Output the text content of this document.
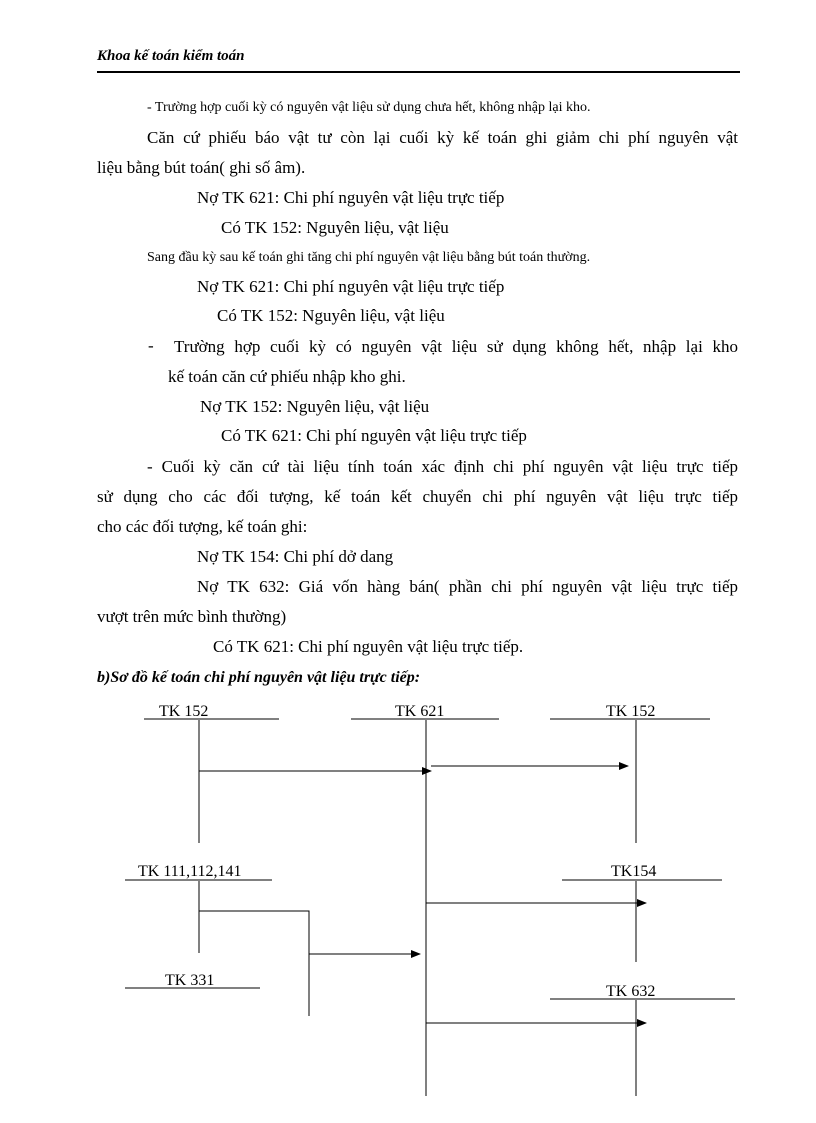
Khoa kế toán kiểm toán
- Trường hợp cuối kỳ có nguyên vật liệu sử dụng chưa hết, không nhập lại kho.
Căn cứ phiếu báo vật tư còn lại cuối kỳ kế toán ghi giảm chi phí nguyên vật
liệu bằng bút toán( ghi số âm).
Nợ TK 621: Chi phí nguyên vật liệu trực tiếp
Có TK 152: Nguyên liệu, vật liệu
Sang đầu kỳ sau kế toán ghi tăng chi phí nguyên vật liệu bằng bút toán thường.
Nợ TK 621: Chi phí nguyên vật liệu trực tiếp
Có TK 152: Nguyên liệu, vật liệu
- Trường hợp cuối kỳ có nguyên vật liệu sử dụng không hết, nhập lại kho
kế toán căn cứ phiếu nhập kho ghi.
Nợ TK 152: Nguyên liệu, vật liệu
Có TK 621: Chi phí nguyên vật liệu trực tiếp
- Cuối kỳ căn cứ tài liệu tính toán xác định chi phí nguyên vật liệu trực tiếp
sử dụng cho các đối tượng, kế toán kết chuyển chi phí nguyên vật liệu trực tiếp
cho các đối tượng, kế toán ghi:
Nợ TK 154: Chi phí dở dang
Nợ TK 632: Giá vốn hàng bán( phần chi phí nguyên vật liệu trực tiếp
vượt trên mức bình thường)
Có TK 621: Chi phí nguyên vật liệu trực tiếp.
b)Sơ đồ kế toán chi phí nguyên vật liệu trực tiếp:
TK 152	TK 621	TK 152
TK 111,112,141	TK154
TK 331
TK 632
